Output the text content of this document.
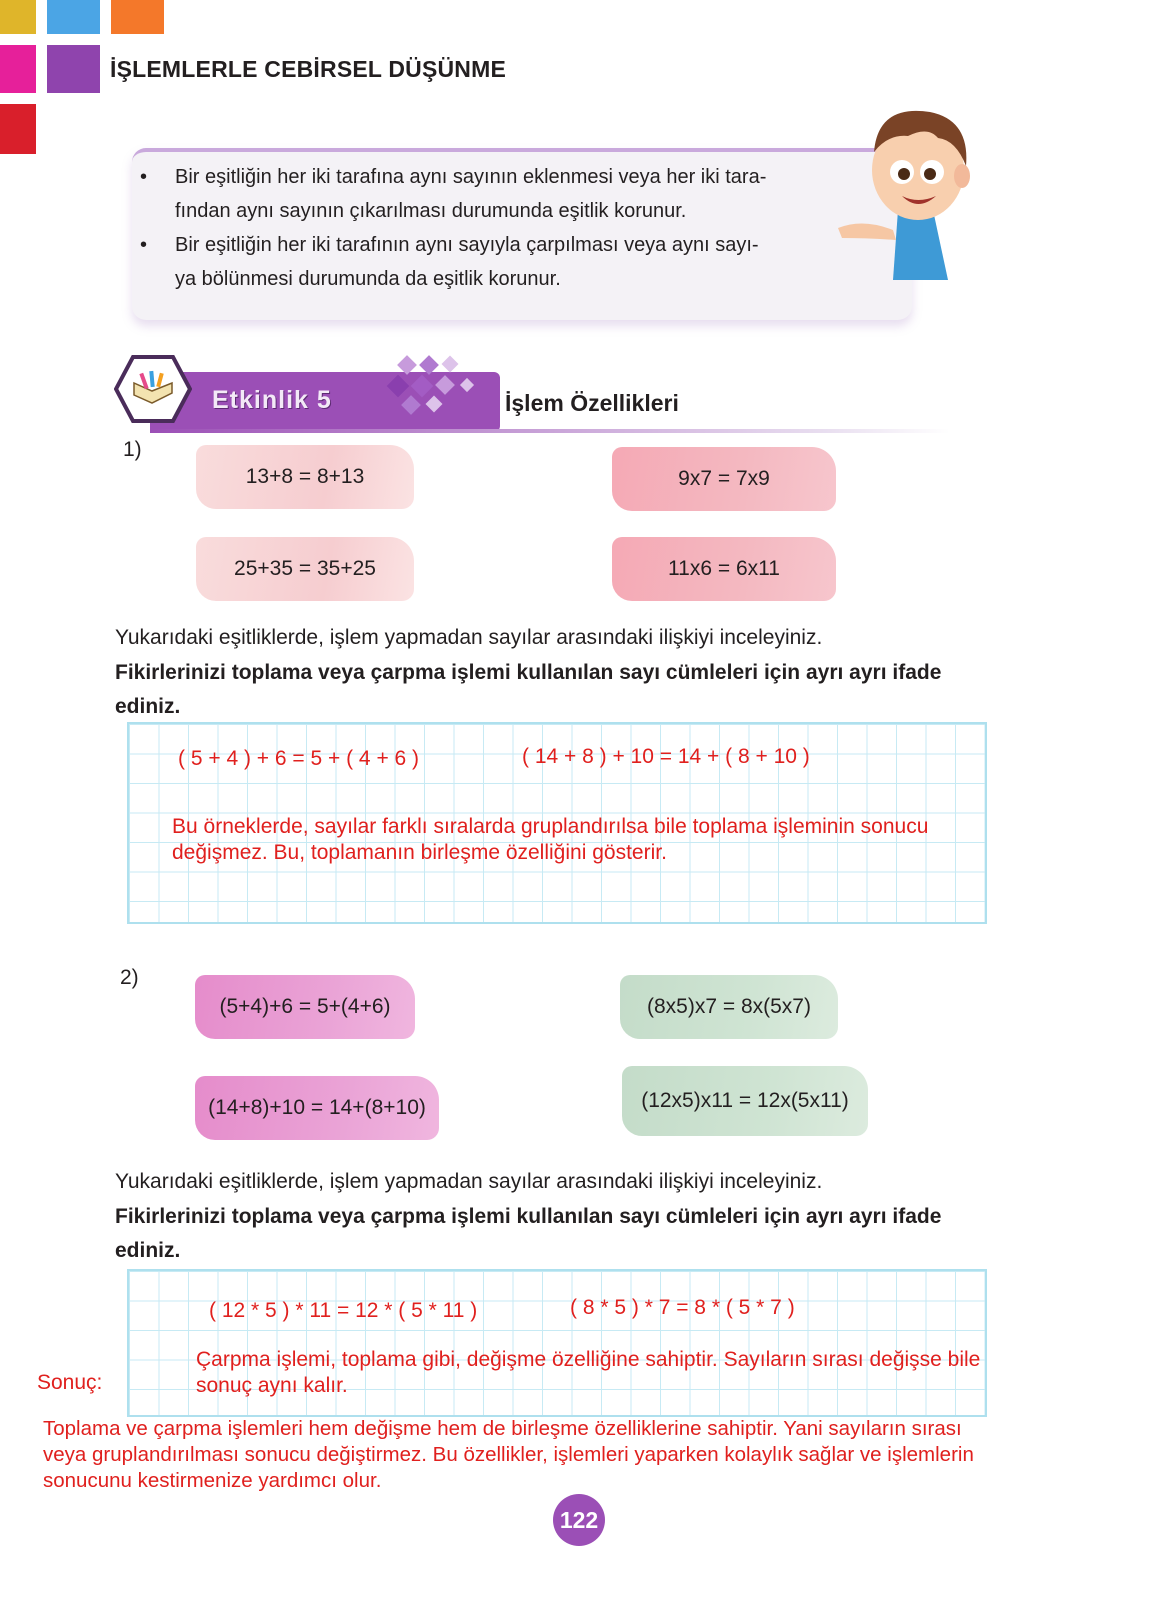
İŞLEMLERLE CEBİRSEL DÜŞÜNME
• Bir eşitliğin her iki tarafına aynı sayının eklenmesi veya her iki tara-
fından aynı sayının çıkarılması durumunda eşitlik korunur.
• Bir eşitliğin her iki tarafının aynı sayıyla çarpılması veya aynı sayı-
ya bölünmesi durumunda da eşitlik korunur.
Etkinlik 5	İşlem Özellikleri
1)
13+8 = 8+13	9x7 = 7x9
25+35 = 35+25	11x6 = 6x11
Yukarıdaki eşitliklerde, işlem yapmadan sayılar arasındaki ilişkiyi inceleyiniz.
Fikirlerinizi toplama veya çarpma işlemi kullanılan sayı cümleleri için ayrı ayrı ifade
ediniz.
( 5 + 4 ) + 6 = 5 + ( 4 + 6 )	( 14 + 8 ) + 10 = 14 + ( 8 + 10 )
Bu örneklerde, sayılar farklı sıralarda gruplandırılsa bile toplama işleminin sonucu
değişmez. Bu, toplamanın birleşme özelliğini gösterir.
2)
(5+4)+6 = 5+(4+6)	(8x5)x7 = 8x(5x7)
(14+8)+10 = 14+(8+10)	(12x5)x11 = 12x(5x11)
Yukarıdaki eşitliklerde, işlem yapmadan sayılar arasındaki ilişkiyi inceleyiniz.
Fikirlerinizi toplama veya çarpma işlemi kullanılan sayı cümleleri için ayrı ayrı ifade
ediniz.
( 12 * 5 ) * 11 = 12 * ( 5 * 11 )	( 8 * 5 ) * 7 = 8 * ( 5 * 7 )
Çarpma işlemi, toplama gibi, değişme özelliğine sahiptir. Sayıların sırası değişse bile
sonuç aynı kalır.
Sonuç:
Toplama ve çarpma işlemleri hem değişme hem de birleşme özelliklerine sahiptir. Yani sayıların sırası
veya gruplandırılması sonucu değiştirmez. Bu özellikler, işlemleri yaparken kolaylık sağlar ve işlemlerin
sonucunu kestirmenize yardımcı olur.
122
